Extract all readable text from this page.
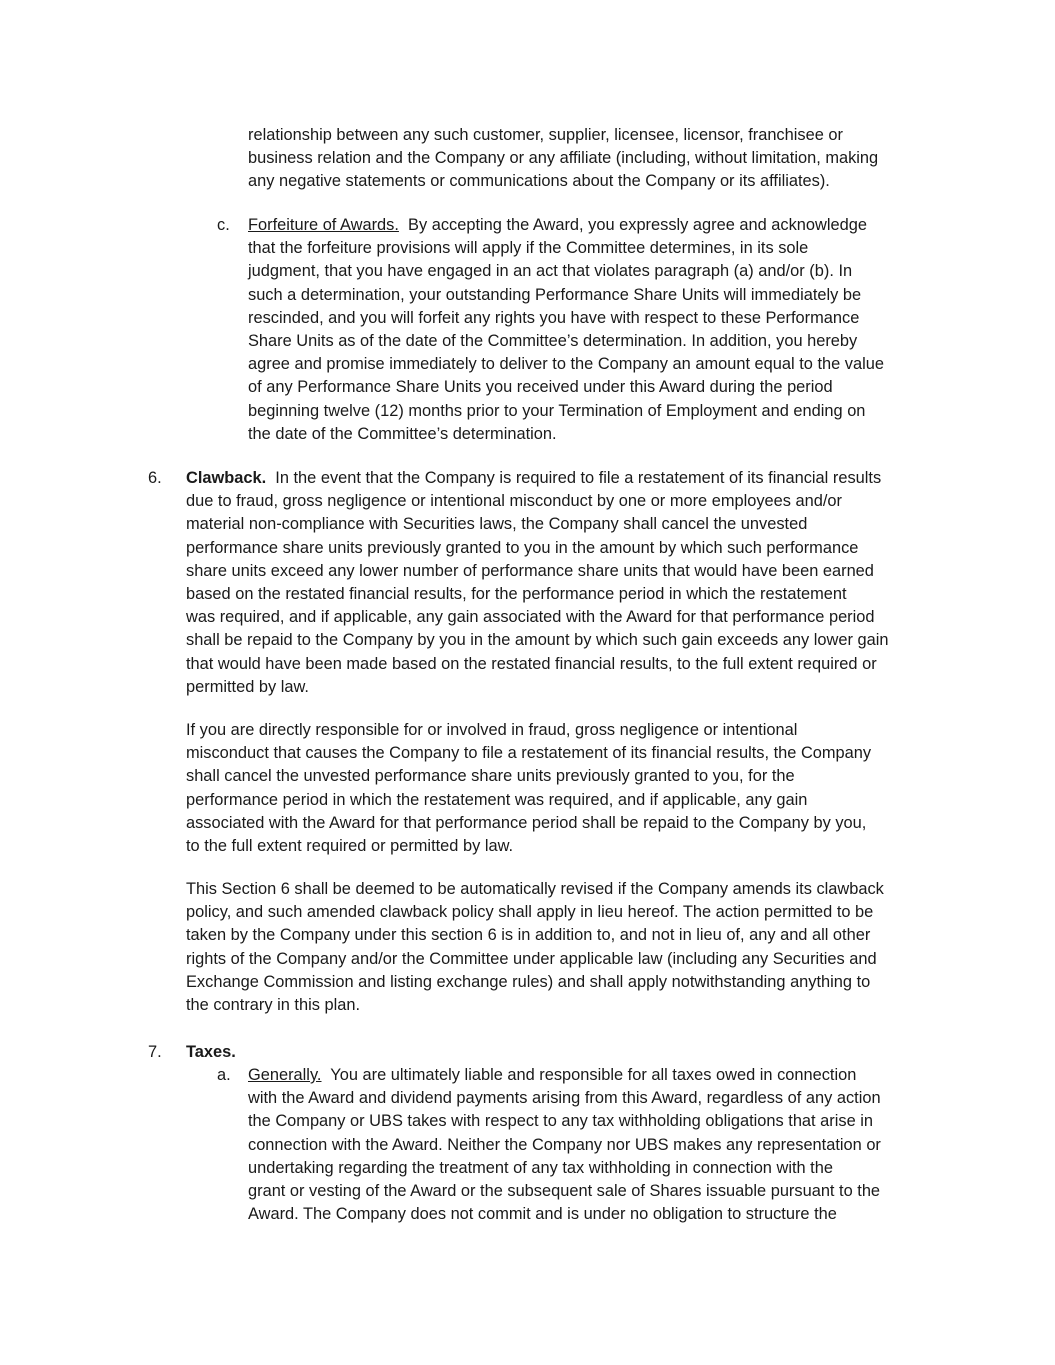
relationship between any such customer, supplier, licensee, licensor, franchisee or
business relation and the Company or any affiliate (including, without limitation, making
any negative statements or communications about the Company or its affiliates).
c. Forfeiture of Awards.  By accepting the Award, you expressly agree and acknowledge
that the forfeiture provisions will apply if the Committee determines, in its sole
judgment, that you have engaged in an act that violates paragraph (a) and/or (b). In
such a determination, your outstanding Performance Share Units will immediately be
rescinded, and you will forfeit any rights you have with respect to these Performance
Share Units as of the date of the Committee’s determination. In addition, you hereby
agree and promise immediately to deliver to the Company an amount equal to the value
of any Performance Share Units you received under this Award during the period
beginning twelve (12) months prior to your Termination of Employment and ending on
the date of the Committee’s determination.
6. Clawback.  In the event that the Company is required to file a restatement of its financial results
due to fraud, gross negligence or intentional misconduct by one or more employees and/or
material non-compliance with Securities laws, the Company shall cancel the unvested
performance share units previously granted to you in the amount by which such performance
share units exceed any lower number of performance share units that would have been earned
based on the restated financial results, for the performance period in which the restatement
was required, and if applicable, any gain associated with the Award for that performance period
shall be repaid to the Company by you in the amount by which such gain exceeds any lower gain
that would have been made based on the restated financial results, to the full extent required or
permitted by law.
If you are directly responsible for or involved in fraud, gross negligence or intentional
misconduct that causes the Company to file a restatement of its financial results, the Company
shall cancel the unvested performance share units previously granted to you, for the
performance period in which the restatement was required, and if applicable, any gain
associated with the Award for that performance period shall be repaid to the Company by you,
to the full extent required or permitted by law.
This Section 6 shall be deemed to be automatically revised if the Company amends its clawback
policy, and such amended clawback policy shall apply in lieu hereof. The action permitted to be
taken by the Company under this section 6 is in addition to, and not in lieu of, any and all other
rights of the Company and/or the Committee under applicable law (including any Securities and
Exchange Commission and listing exchange rules) and shall apply notwithstanding anything to
the contrary in this plan.
7. Taxes.
a. Generally.  You are ultimately liable and responsible for all taxes owed in connection
with the Award and dividend payments arising from this Award, regardless of any action
the Company or UBS takes with respect to any tax withholding obligations that arise in
connection with the Award. Neither the Company nor UBS makes any representation or
undertaking regarding the treatment of any tax withholding in connection with the
grant or vesting of the Award or the subsequent sale of Shares issuable pursuant to the
Award. The Company does not commit and is under no obligation to structure the
